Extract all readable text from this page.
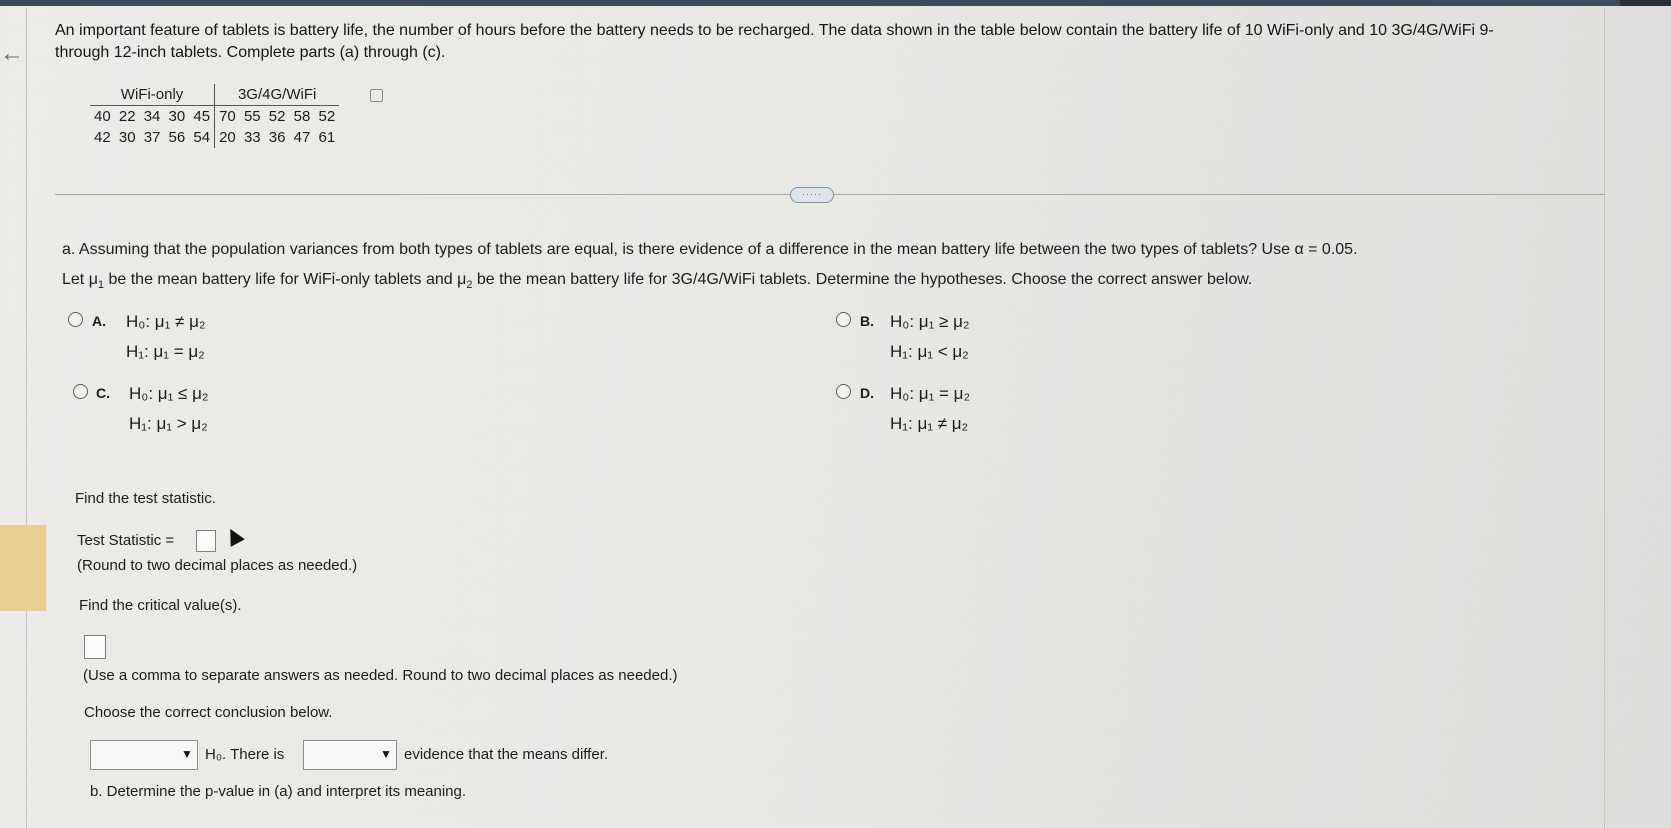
←
An important feature of tablets is battery life, the number of hours before the battery needs to be recharged. The data shown in the table below contain the battery life of 10 WiFi-only and 10 3G/4G/WiFi 9- through 12-inch tablets. Complete parts (a) through (c).
WiFi-only	3G/4G/WiFi
40 22 34 30 45	70 55 52 58 52
42 30 37 56 54	20 33 36 47 61
·····
a. Assuming that the population variances from both types of tablets are equal, is there evidence of a difference in the mean battery life between the two types of tablets? Use α = 0.05.
Let $\mu_1$ be the mean battery life for WiFi-only tablets and $\mu_2$ be the mean battery life for 3G/4G/WiFi tablets. Determine the hypotheses. Choose the correct answer below.
A. H₀: μ₁ ≠ μ₂
H₁: μ₁ = μ₂
B. H₀: μ₁ ≥ μ₂
H₁: μ₁ < μ₂
C. H₀: μ₁ ≤ μ₂
H₁: μ₁ > μ₂
D. H₀: μ₁ = μ₂
H₁: μ₁ ≠ μ₂
Find the test statistic.
Test Statistic =
(Round to two decimal places as needed.)
Find the critical value(s).
(Use a comma to separate answers as needed. Round to two decimal places as needed.)
Choose the correct conclusion below.
▼ H₀. There is	▼ evidence that the means differ.
b. Determine the p-value in (a) and interpret its meaning.
